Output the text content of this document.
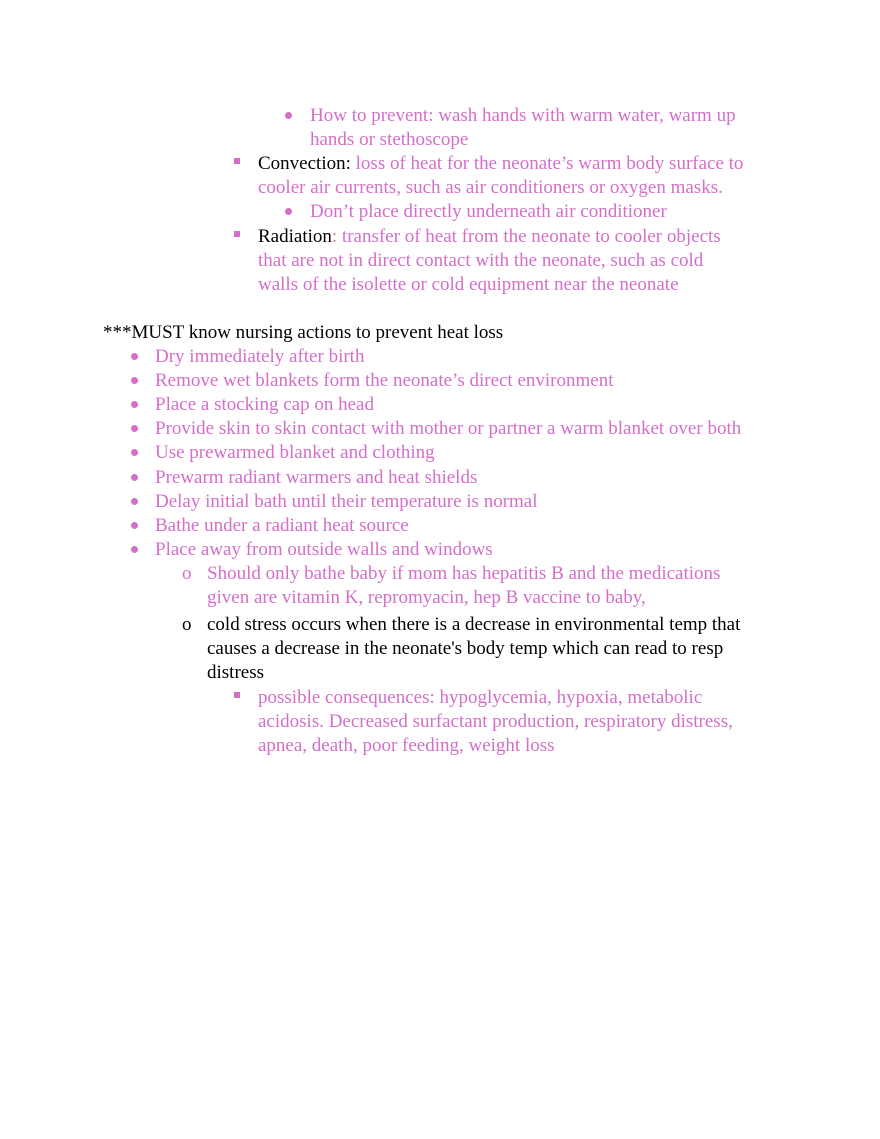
How to prevent: wash hands with warm water, warm up
hands or stethoscope
Convection: loss of heat for the neonate’s warm body surface to
cooler air currents, such as air conditioners or oxygen masks.
Don’t place directly underneath air conditioner
Radiation: transfer of heat from the neonate to cooler objects
that are not in direct contact with the neonate, such as cold
walls of the isolette or cold equipment near the neonate
***MUST know nursing actions to prevent heat loss
Dry immediately after birth
Remove wet blankets form the neonate’s direct environment
Place a stocking cap on head
Provide skin to skin contact with mother or partner a warm blanket over both
Use prewarmed blanket and clothing
Prewarm radiant warmers and heat shields
Delay initial bath until their temperature is normal
Bathe under a radiant heat source
Place away from outside walls and windows
o Should only bathe baby if mom has hepatitis B and the medications
given are vitamin K, repromyacin, hep B vaccine to baby,
o cold stress occurs when there is a decrease in environmental temp that
causes a decrease in the neonate's body temp which can read to resp
distress
possible consequences: hypoglycemia, hypoxia, metabolic
acidosis. Decreased surfactant production, respiratory distress,
apnea, death, poor feeding, weight loss
